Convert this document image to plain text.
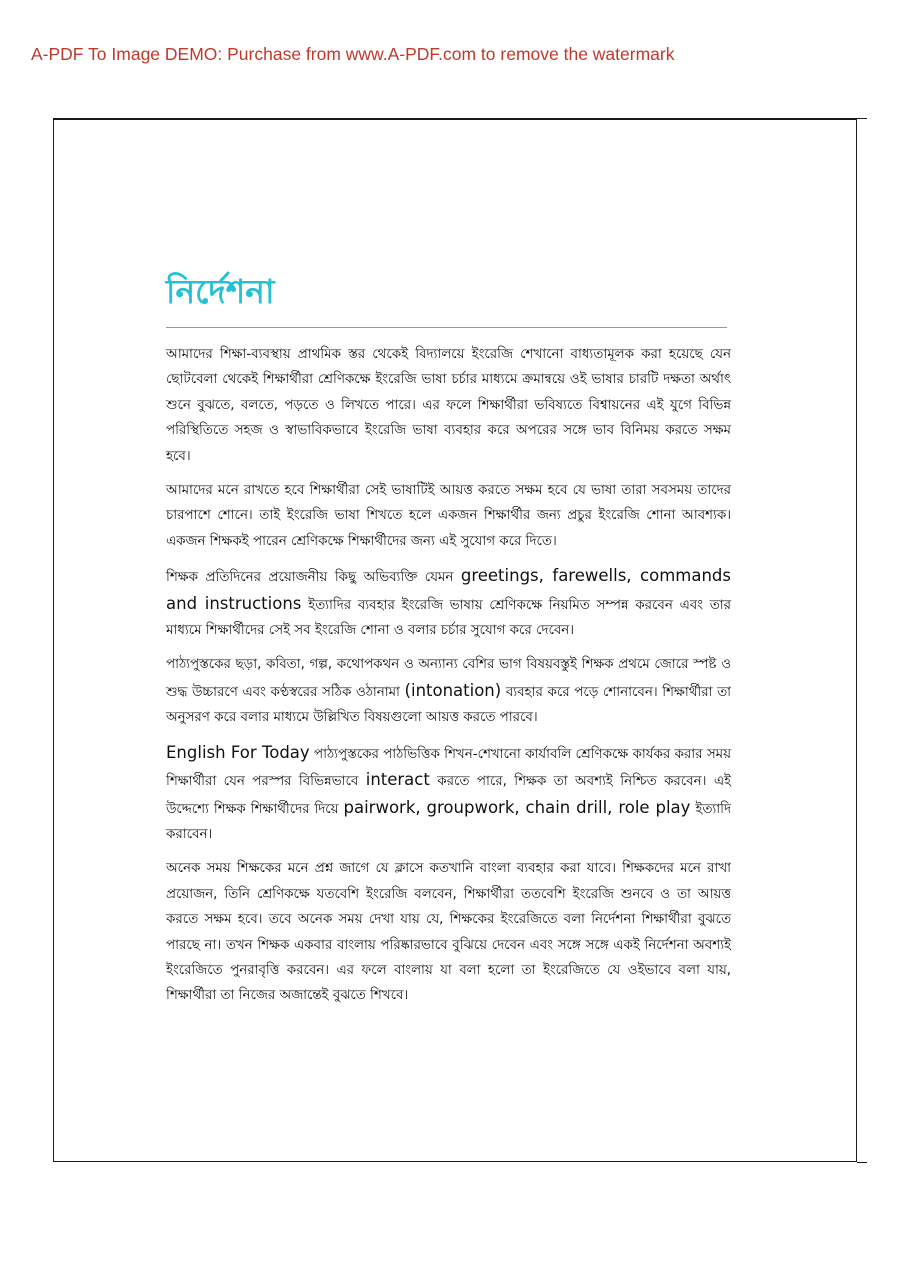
A-PDF To Image DEMO: Purchase from www.A-PDF.com to remove the watermark
নির্দেশনা

আমাদের শিক্ষা-ব্যবস্থায় প্রাথমিক স্তর থেকেই বিদ্যালয়ে ইংরেজি শেখানো বাধ্যতামূলক করা হয়েছে যেন ছোটবেলা থেকেই শিক্ষার্থীরা শ্রেণিকক্ষে ইংরেজি ভাষা চর্চার মাধ্যমে ক্রমান্বয়ে ওই ভাষার চারটি দক্ষতা অর্থাৎ শুনে বুঝতে, বলতে, পড়তে ও লিখতে পারে। এর ফলে শিক্ষার্থীরা ভবিষ্যতে বিশ্বায়নের এই যুগে বিভিন্ন পরিস্থিতিতে সহজ ও স্বাভাবিকভাবে ইংরেজি ভাষা ব্যবহার করে অপরের সঙ্গে ভাব বিনিময় করতে সক্ষম হবে।

আমাদের মনে রাখতে হবে শিক্ষার্থীরা সেই ভাষাটিই আয়ত্ত করতে সক্ষম হবে যে ভাষা তারা সবসময় তাদের চারপাশে শোনে। তাই ইংরেজি ভাষা শিখতে হলে একজন শিক্ষার্থীর জন্য প্রচুর ইংরেজি শোনা আবশ্যক। একজন শিক্ষকই পারেন শ্রেণিকক্ষে শিক্ষার্থীদের জন্য এই সুযোগ করে দিতে।

শিক্ষক প্রতিদিনের প্রয়োজনীয় কিছু অভিব্যক্তি যেমন greetings, farewells, commands and instructions ইত্যাদির ব্যবহার ইংরেজি ভাষায় শ্রেণিকক্ষে নিয়মিত সম্পন্ন করবেন এবং তার মাধ্যমে শিক্ষার্থীদের সেই সব ইংরেজি শোনা ও বলার চর্চার সুযোগ করে দেবেন।

পাঠ্যপুস্তকের ছড়া, কবিতা, গল্প, কথোপকথন ও অন্যান্য বেশির ভাগ বিষয়বস্তুই শিক্ষক প্রথমে জোরে স্পষ্ট ও শুদ্ধ উচ্চারণে এবং কণ্ঠস্বরের সঠিক ওঠানামা (intonation) ব্যবহার করে পড়ে শোনাবেন। শিক্ষার্থীরা তা অনুসরণ করে বলার মাধ্যমে উল্লিখিত বিষয়গুলো আয়ত্ত করতে পারবে।

English For Today পাঠ্যপুস্তকের পাঠভিত্তিক শিখন-শেখানো কার্যাবলি শ্রেণিকক্ষে কার্যকর করার সময় শিক্ষার্থীরা যেন পরস্পর বিভিন্নভাবে interact করতে পারে, শিক্ষক তা অবশ্যই নিশ্চিত করবেন। এই উদ্দেশ্যে শিক্ষক শিক্ষার্থীদের দিয়ে pairwork, groupwork, chain drill, role play ইত্যাদি করাবেন।

অনেক সময় শিক্ষকের মনে প্রশ্ন জাগে যে ক্লাসে কতখানি বাংলা ব্যবহার করা যাবে। শিক্ষকদের মনে রাখা প্রয়োজন, তিনি শ্রেণিকক্ষে যতবেশি ইংরেজি বলবেন, শিক্ষার্থীরা ততবেশি ইংরেজি শুনবে ও তা আয়ত্ত করতে সক্ষম হবে। তবে অনেক সময় দেখা যায় যে, শিক্ষকের ইংরেজিতে বলা নির্দেশনা শিক্ষার্থীরা বুঝতে পারছে না। তখন শিক্ষক একবার বাংলায় পরিষ্কারভাবে বুঝিয়ে দেবেন এবং সঙ্গে সঙ্গে একই নির্দেশনা অবশ্যই ইংরেজিতে পুনরাবৃত্তি করবেন। এর ফলে বাংলায় যা বলা হলো তা ইংরেজিতে যে ওইভাবে বলা যায়, শিক্ষার্থীরা তা নিজের অজান্তেই বুঝতে শিখবে।
